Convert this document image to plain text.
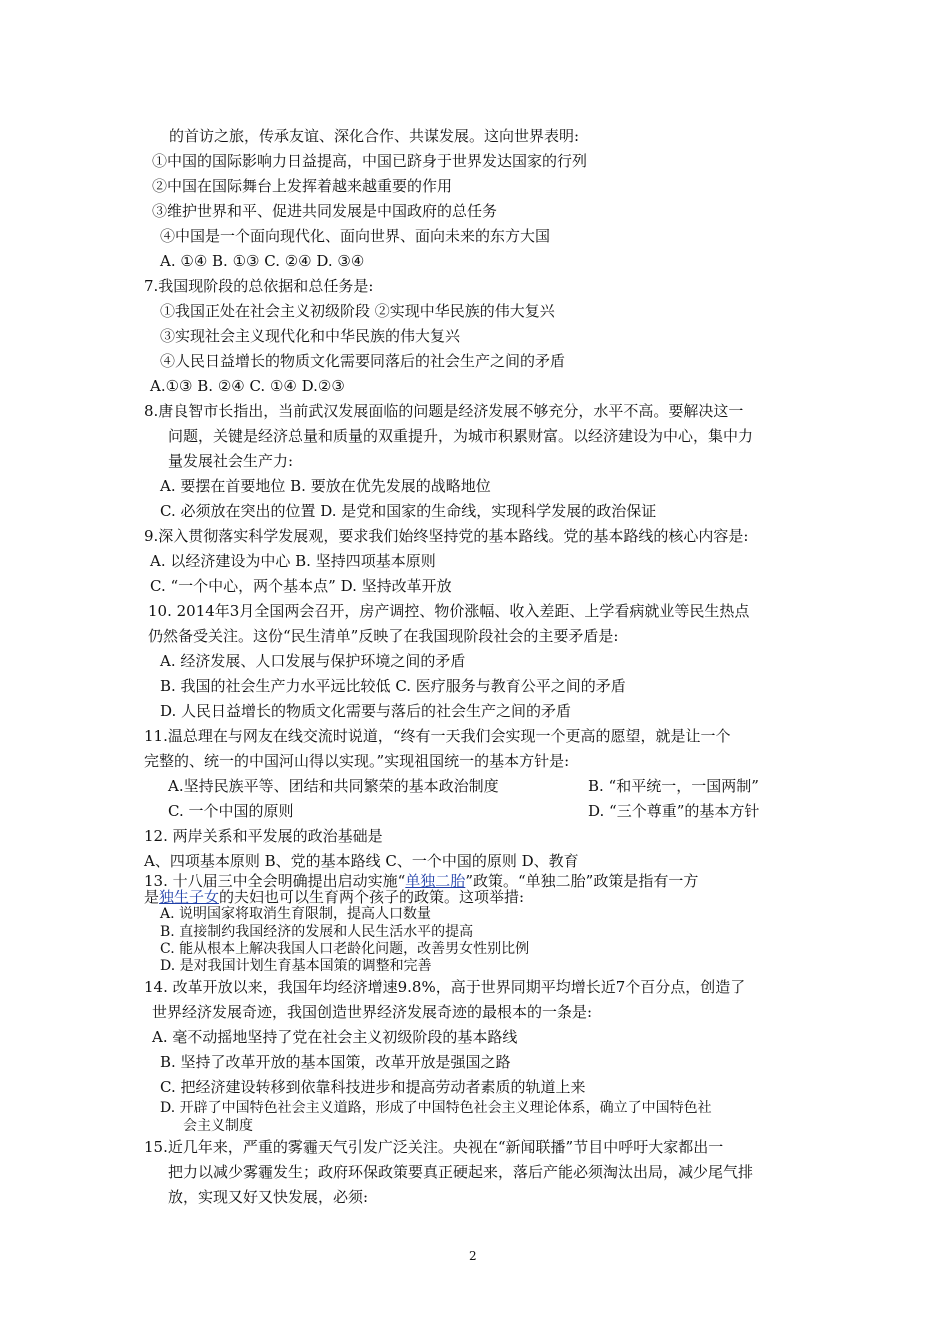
的首访之旅，传承友谊、深化合作、共谋发展。这向世界表明:
①中国的国际影响力日益提高，中国已跻身于世界发达国家的行列
②中国在国际舞台上发挥着越来越重要的作用
③维护世界和平、促进共同发展是中国政府的总任务
④中国是一个面向现代化、面向世界、面向未来的东方大国
A. ①④ B. ①③ C. ②④ D. ③④
7.我国现阶段的总依据和总任务是:
①我国正处在社会主义初级阶段 ②实现中华民族的伟大复兴
③实现社会主义现代化和中华民族的伟大复兴
④人民日益增长的物质文化需要同落后的社会生产之间的矛盾
A.①③ B. ②④ C. ①④ D.②③
8.唐良智市长指出，当前武汉发展面临的问题是经济发展不够充分，水平不高。要解决这一
问题，关键是经济总量和质量的双重提升，为城市积累财富。以经济建设为中心，集中力
量发展社会生产力:
A. 要摆在首要地位 B. 要放在优先发展的战略地位
C. 必须放在突出的位置 D. 是党和国家的生命线，实现科学发展的政治保证
9.深入贯彻落实科学发展观，要求我们始终坚持党的基本路线。党的基本路线的核心内容是:
A. 以经济建设为中心 B. 坚持四项基本原则
C. “一个中心，两个基本点” D. 坚持改革开放
10. 2014年3月全国两会召开，房产调控、物价涨幅、收入差距、上学看病就业等民生热点
仍然备受关注。这份“民生清单”反映了在我国现阶段社会的主要矛盾是:
A. 经济发展、人口发展与保护环境之间的矛盾
B. 我国的社会生产力水平远比较低 C. 医疗服务与教育公平之间的矛盾
D. 人民日益增长的物质文化需要与落后的社会生产之间的矛盾
11.温总理在与网友在线交流时说道，“终有一天我们会实现一个更高的愿望，就是让一个
完整的、统一的中国河山得以实现。”实现祖国统一的基本方针是:
A.坚持民族平等、团结和共同繁荣的基本政治制度	B. “和平统一，一国两制”
C. 一个中国的原则	D. “三个尊重”的基本方针
12. 两岸关系和平发展的政治基础是
A、四项基本原则 B、党的基本路线 C、一个中国的原则 D、教育
13. 十八届三中全会明确提出启动实施“单独二胎”政策。“单独二胎”政策是指有一方
是独生子女的夫妇也可以生育两个孩子的政策。这项举措:
A. 说明国家将取消生育限制，提高人口数量
B. 直接制约我国经济的发展和人民生活水平的提高
C. 能从根本上解决我国人口老龄化问题，改善男女性别比例
D. 是对我国计划生育基本国策的调整和完善
14. 改革开放以来，我国年均经济增速9.8%，高于世界同期平均增长近7个百分点，创造了
世界经济发展奇迹，我国创造世界经济发展奇迹的最根本的一条是:
A. 毫不动摇地坚持了党在社会主义初级阶段的基本路线
B. 坚持了改革开放的基本国策，改革开放是强国之路
C. 把经济建设转移到依靠科技进步和提高劳动者素质的轨道上来
D. 开辟了中国特色社会主义道路，形成了中国特色社会主义理论体系，确立了中国特色社
会主义制度
15.近几年来，严重的雾霾天气引发广泛关注。央视在“新闻联播”节目中呼吁大家都出一
把力以减少雾霾发生；政府环保政策要真正硬起来，落后产能必须淘汰出局，减少尾气排
放，实现又好又快发展，必须:
2
